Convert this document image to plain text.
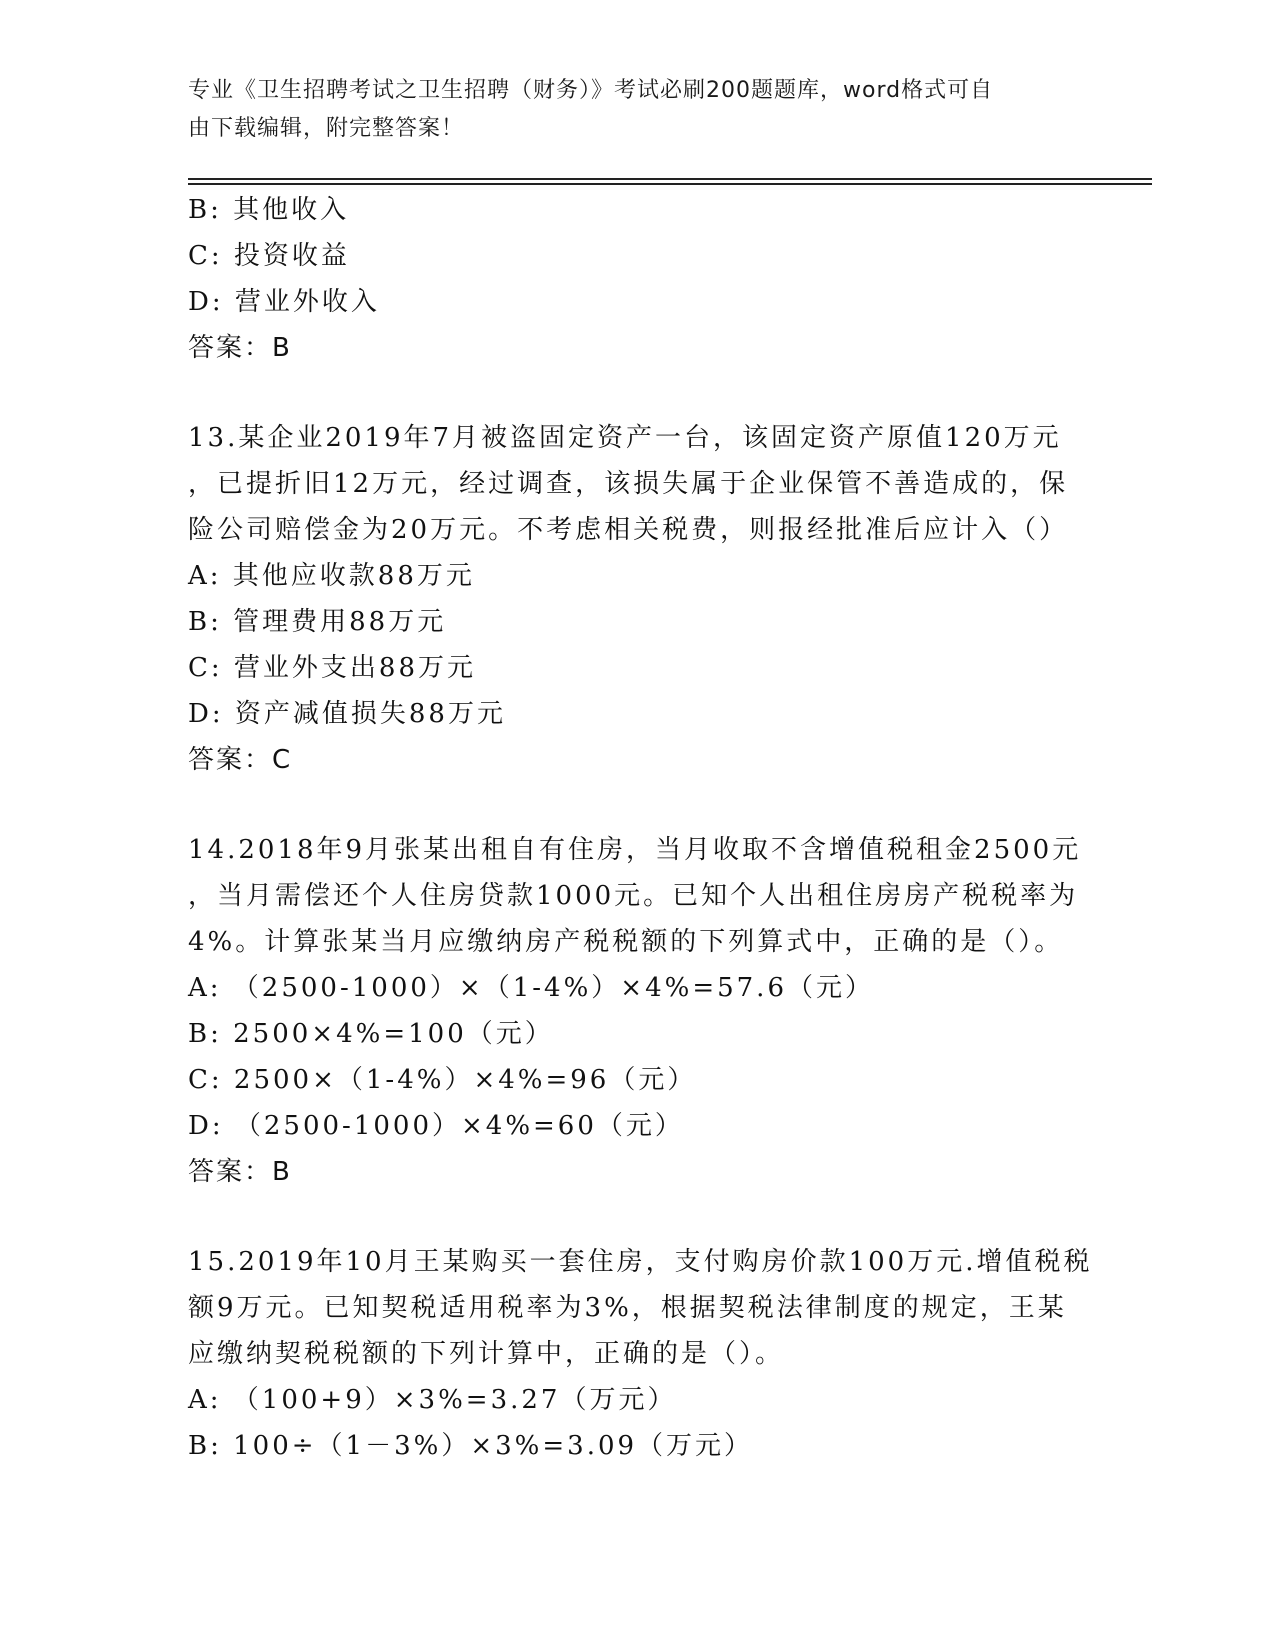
专业《卫生招聘考试之卫生招聘（财务）》考试必刷200题题库，word格式可自
由下载编辑，附完整答案！
B: 其他收入
C: 投资收益
D: 营业外收入
答案：B
13.某企业2019年7月被盗固定资产一台，该固定资产原值120万元
，已提折旧12万元，经过调查，该损失属于企业保管不善造成的，保
险公司赔偿金为20万元。不考虑相关税费，则报经批准后应计入（）
A: 其他应收款88万元
B: 管理费用88万元
C: 营业外支出88万元
D: 资产减值损失88万元
答案：C
14.2018年9月张某出租自有住房，当月收取不含增值税租金2500元
，当月需偿还个人住房贷款1000元。已知个人出租住房房产税税率为
4%。计算张某当月应缴纳房产税税额的下列算式中，正确的是（）。
A: （2500-1000）×（1-4%）×4%=57.6（元）
B: 2500×4%=100（元）
C: 2500×（1-4%）×4%=96（元）
D: （2500-1000）×4%=60（元）
答案：B
15.2019年10月王某购买一套住房，支付购房价款100万元.增值税税
额9万元。已知契税适用税率为3%，根据契税法律制度的规定，王某
应缴纳契税税额的下列计算中，正确的是（）。
A: （100+9）×3%=3.27（万元）
B: 100÷（1－3%）×3%=3.09（万元）
